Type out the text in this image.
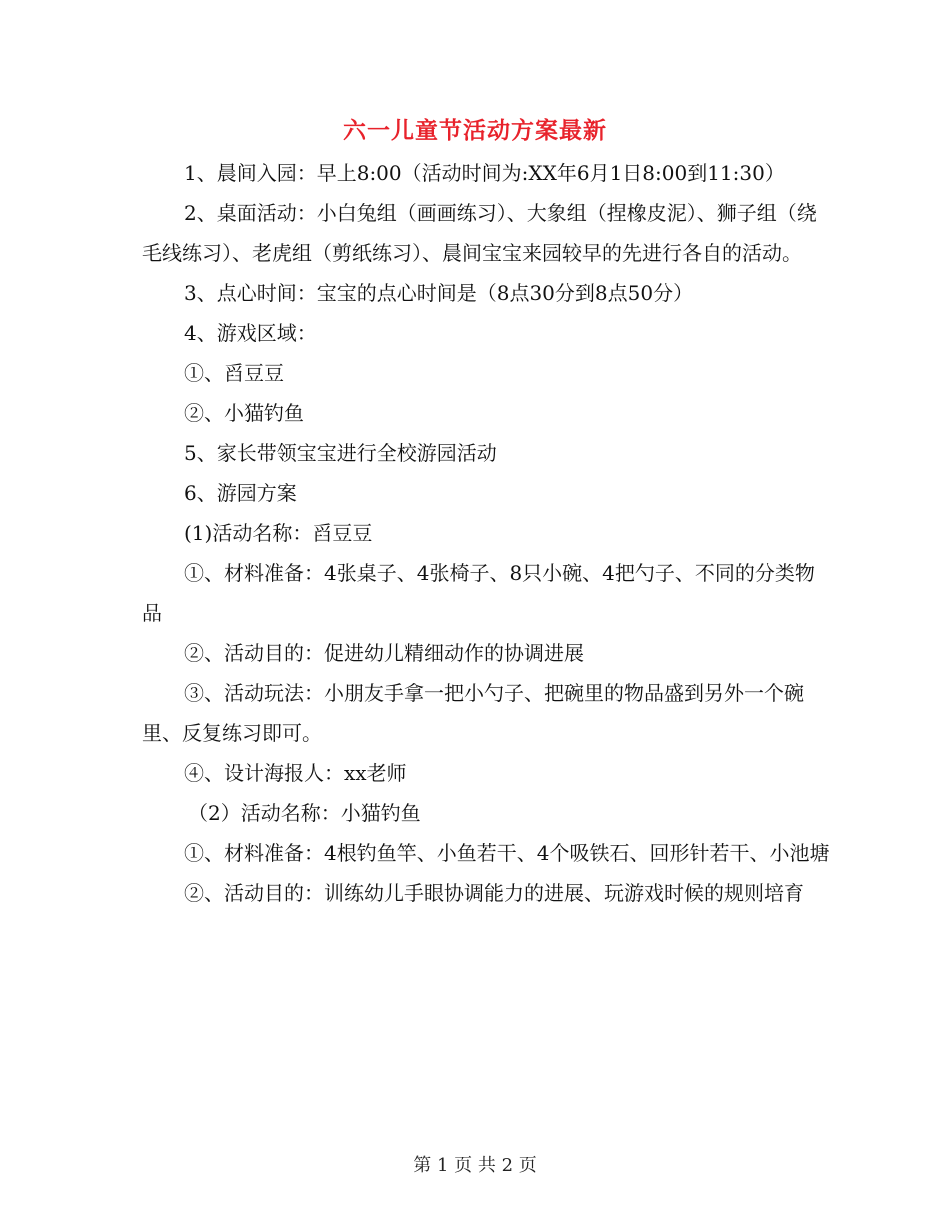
六一儿童节活动方案最新

1、晨间入园：早上8:00（活动时间为:XX年6月1日8:00到11:30）

2、桌面活动：小白兔组（画画练习）、大象组（捏橡皮泥）、狮子组（绕毛线练习）、老虎组（剪纸练习）、晨间宝宝来园较早的先进行各自的活动。

3、点心时间：宝宝的点心时间是（8点30分到8点50分）

4、游戏区域：

①、舀豆豆

②、小猫钓鱼

5、家长带领宝宝进行全校游园活动

6、游园方案

(1)活动名称：舀豆豆

①、材料准备：4张桌子、4张椅子、8只小碗、4把勺子、不同的分类物品

②、活动目的：促进幼儿精细动作的协调进展

③、活动玩法：小朋友手拿一把小勺子、把碗里的物品盛到另外一个碗里、反复练习即可。

④、设计海报人：xx老师

（2）活动名称：小猫钓鱼

①、材料准备：4根钓鱼竿、小鱼若干、4个吸铁石、回形针若干、小池塘

②、活动目的：训练幼儿手眼协调能力的进展、玩游戏时候的规则培育

第 1 页 共 2 页
